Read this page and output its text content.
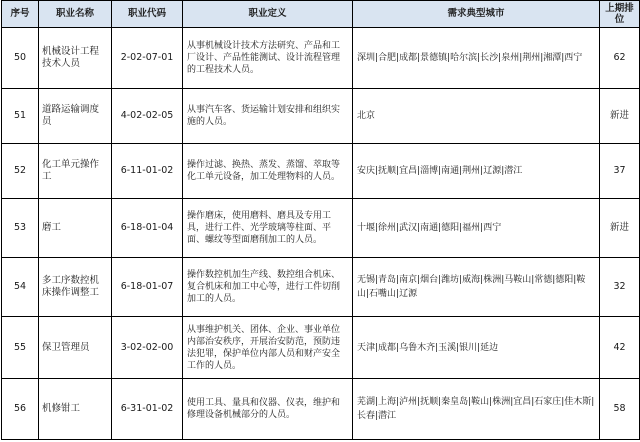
序号	职业名称	职业代码	职业定义	需求典型城市	上期排位
50	机械设计工程技术人员	2-02-07-01	从事机械设计技术方法研究、产品和工厂设计、产品性能测试、设计流程管理的工程技术人员。	深圳|合肥|成都|景德镇|哈尔滨|长沙|泉州|荆州|湘潭|西宁	62
51	道路运输调度员	4-02-02-05	从事汽车客、货运输计划安排和组织实施的人员。	北京	新进
52	化工单元操作工	6-11-01-02	操作过滤、换热、蒸发、蒸馏、萃取等化工单元设备，加工处理物料的人员。	安庆|抚顺|宜昌|淄博|南通|荆州|辽源|潜江	37
53	磨工	6-18-01-04	操作磨床，使用磨料、磨具及专用工具，进行工件、光学玻璃等柱面、平面、螺纹等型面磨削加工的人员。	十堰|徐州|武汉|南通|德阳|福州|西宁	新进
54	多工序数控机床操作调整工	6-18-01-07	操作数控机加生产线、数控组合机床、复合机床和加工中心等，进行工件切削加工的人员。	无锡|青岛|南京|烟台|潍坊|威海|株洲|马鞍山|常德|德阳|鞍山|石嘴山|辽源	32
55	保卫管理员	3-02-02-00	从事维护机关、团体、企业、事业单位内部治安秩序，开展治安防范，预防违法犯罪，保护单位内部人员和财产安全工作的人员。	天津|成都|乌鲁木齐|玉溪|银川|延边	42
56	机修钳工	6-31-01-02	使用工具、量具和仪器、仪表，维护和修理设备机械部分的人员。	芜湖|上海|泸州|抚顺|秦皇岛|鞍山|株洲|宜昌|石家庄|佳木斯|长春|潜江	58
